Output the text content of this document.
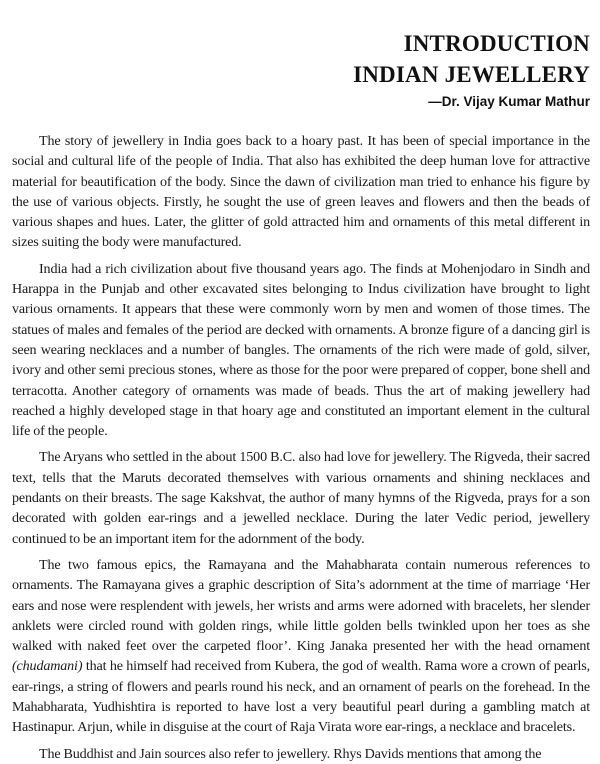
INTRODUCTION
INDIAN JEWELLERY
—Dr. Vijay Kumar Mathur

The story of jewellery in India goes back to a hoary past. It has been of special importance in the social and cultural life of the people of India. That also has exhibited the deep human love for attractive material for beautification of the body. Since the dawn of civilization man tried to enhance his figure by the use of various objects. Firstly, he sought the use of green leaves and flowers and then the beads of various shapes and hues. Later, the glitter of gold attracted him and ornaments of this metal different in sizes suiting the body were manufactured.

India had a rich civilization about five thousand years ago. The finds at Mohenjodaro in Sindh and Harappa in the Punjab and other excavated sites belonging to Indus civilization have brought to light various ornaments. It appears that these were commonly worn by men and women of those times. The statues of males and females of the period are decked with ornaments. A bronze figure of a dancing girl is seen wearing necklaces and a number of bangles. The ornaments of the rich were made of gold, silver, ivory and other semi precious stones, where as those for the poor were prepared of copper, bone shell and terracotta. Another category of ornaments was made of beads. Thus the art of making jewellery had reached a highly developed stage in that hoary age and constituted an important element in the cultural life of the people.

The Aryans who settled in the about 1500 B.C. also had love for jewellery. The Rigveda, their sacred text, tells that the Maruts decorated themselves with various ornaments and shining necklaces and pendants on their breasts. The sage Kakshvat, the author of many hymns of the Rigveda, prays for a son decorated with golden ear-rings and a jewelled necklace. During the later Vedic period, jewellery continued to be an important item for the adornment of the body.

The two famous epics, the Ramayana and the Mahabharata contain numerous references to ornaments. The Ramayana gives a graphic description of Sita’s adornment at the time of marriage ‘Her ears and nose were resplendent with jewels, her wrists and arms were adorned with bracelets, her slender anklets were circled round with golden rings, while little golden bells twinkled upon her toes as she walked with naked feet over the carpeted floor’. King Janaka presented her with the head ornament (chudamani) that he himself had received from Kubera, the god of wealth. Rama wore a crown of pearls, ear-rings, a string of flowers and pearls round his neck, and an ornament of pearls on the forehead. In the Mahabharata, Yudhishtira is reported to have lost a very beautiful pearl during a gambling match at Hastinapur. Arjun, while in disguise at the court of Raja Virata wore ear-rings, a necklace and bracelets.

The Buddhist and Jain sources also refer to jewellery. Rhys Davids mentions that among the
